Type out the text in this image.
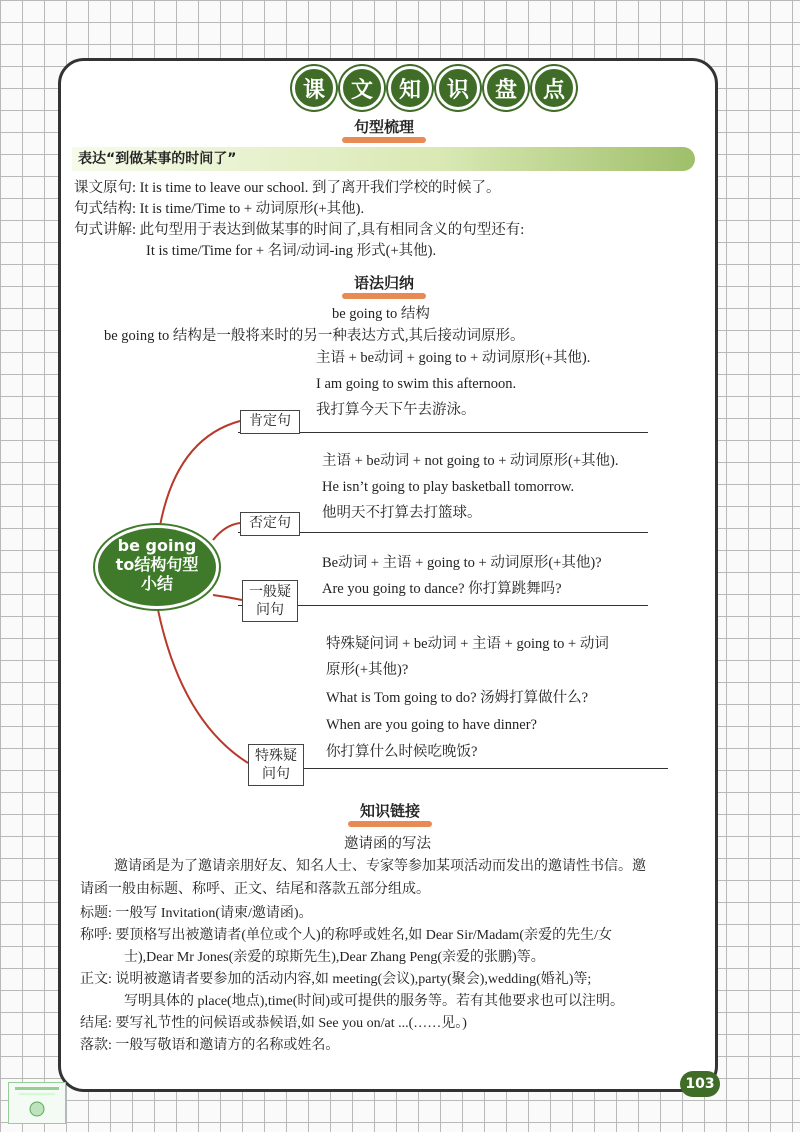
课	文	知	识	盘	点
句型梳理
表达“到做某事的时间了”
课文原句: It is time to leave our school. 到了离开我们学校的时候了。
句式结构: It is time/Time to + 动词原形(+其他).
句式讲解: 此句型用于表达到做某事的时间了,具有相同含义的句型还有:
It is time/Time for + 名词/动词-ing 形式(+其他).
语法归纳
be going to 结构
be going to 结构是一般将来时的另一种表达方式,其后接动词原形。
be going
to结构句型
小结
主语 + be动词 + going to + 动词原形(+其他).
I am going to swim this afternoon.
我打算今天下午去游泳。
肯定句
主语 + be动词 + not going to + 动词原形(+其他).
He isn’t going to play basketball tomorrow.
他明天不打算去打篮球。
否定句
Be动词 + 主语 + going to + 动词原形(+其他)?
Are you going to dance? 你打算跳舞吗?
一般疑问句
特殊疑问词 + be动词 + 主语 + going to + 动词
原形(+其他)?
What is Tom going to do? 汤姆打算做什么?
When are you going to have dinner?
你打算什么时候吃晚饭?
特殊疑问句
知识链接
邀请函的写法
邀请函是为了邀请亲朋好友、知名人士、专家等参加某项活动而发出的邀请性书信。邀
请函一般由标题、称呼、正文、结尾和落款五部分组成。
标题: 一般写 Invitation(请柬/邀请函)。
称呼: 要顶格写出被邀请者(单位或个人)的称呼或姓名,如 Dear Sir/Madam(亲爱的先生/女
士),Dear Mr Jones(亲爱的琼斯先生),Dear Zhang Peng(亲爱的张鹏)等。
正文: 说明被邀请者要参加的活动内容,如 meeting(会议),party(聚会),wedding(婚礼)等;
写明具体的 place(地点),time(时间)或可提供的服务等。若有其他要求也可以注明。
结尾: 要写礼节性的问候语或恭候语,如 See you on/at ...(……见。)
落款: 一般写敬语和邀请方的名称或姓名。
103
